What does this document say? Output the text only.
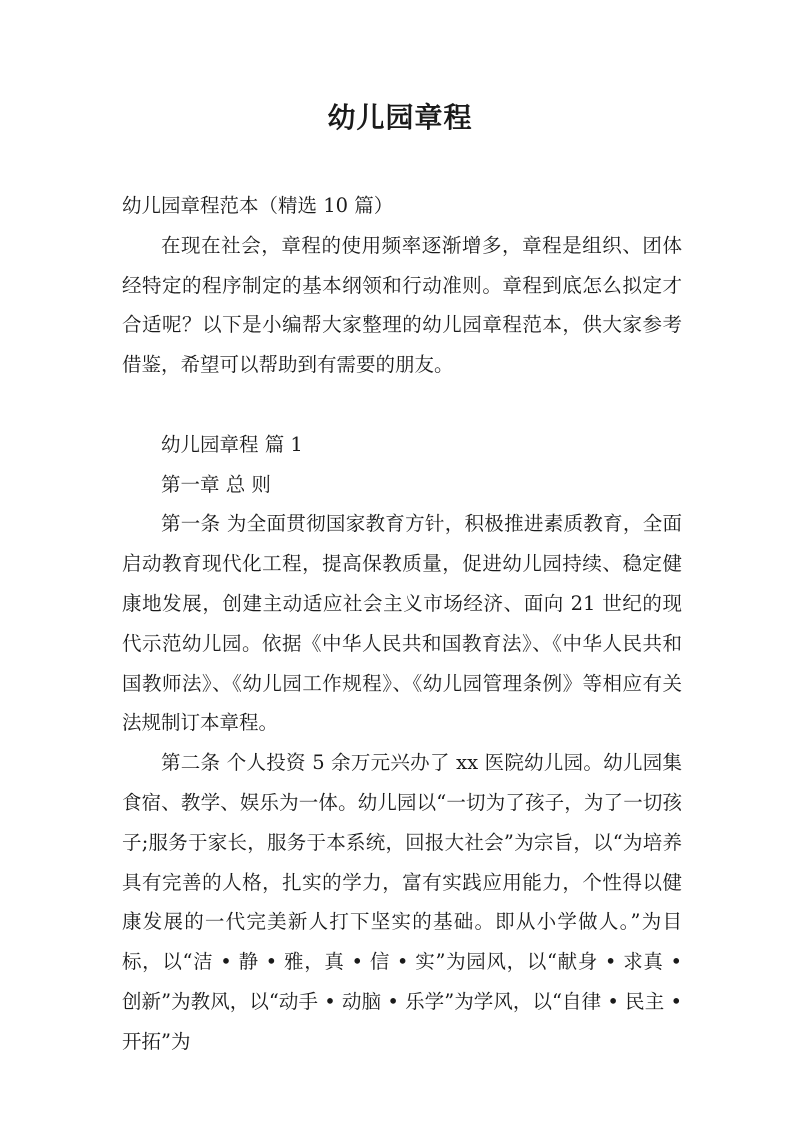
幼儿园章程

幼儿园章程范本（精选 10 篇）

在现在社会，章程的使用频率逐渐增多，章程是组织、团体经特定的程序制定的基本纲领和行动准则。章程到底怎么拟定才合适呢？以下是小编帮大家整理的幼儿园章程范本，供大家参考借鉴，希望可以帮助到有需要的朋友。

幼儿园章程 篇 1

第一章 总 则

第一条 为全面贯彻国家教育方针，积极推进素质教育，全面启动教育现代化工程，提高保教质量，促进幼儿园持续、稳定健康地发展，创建主动适应社会主义市场经济、面向 21 世纪的现代示范幼儿园。依据《中华人民共和国教育法》、《中华人民共和国教师法》、《幼儿园工作规程》、《幼儿园管理条例》等相应有关法规制订本章程。

第二条 个人投资 5 余万元兴办了 xx 医院幼儿园。幼儿园集食宿、教学、娱乐为一体。幼儿园以“一切为了孩子，为了一切孩子;服务于家长，服务于本系统，回报大社会”为宗旨，以“为培养具有完善的人格，扎实的学力，富有实践应用能力，个性得以健康发展的一代完美新人打下坚实的基础。即从小学做人。”为目标，以“洁 • 静 • 雅，真 • 信 • 实”为园风，以“献身 • 求真 • 创新”为教风，以“动手 • 动脑 • 乐学”为学风，以“自律 • 民主 • 开拓”为
